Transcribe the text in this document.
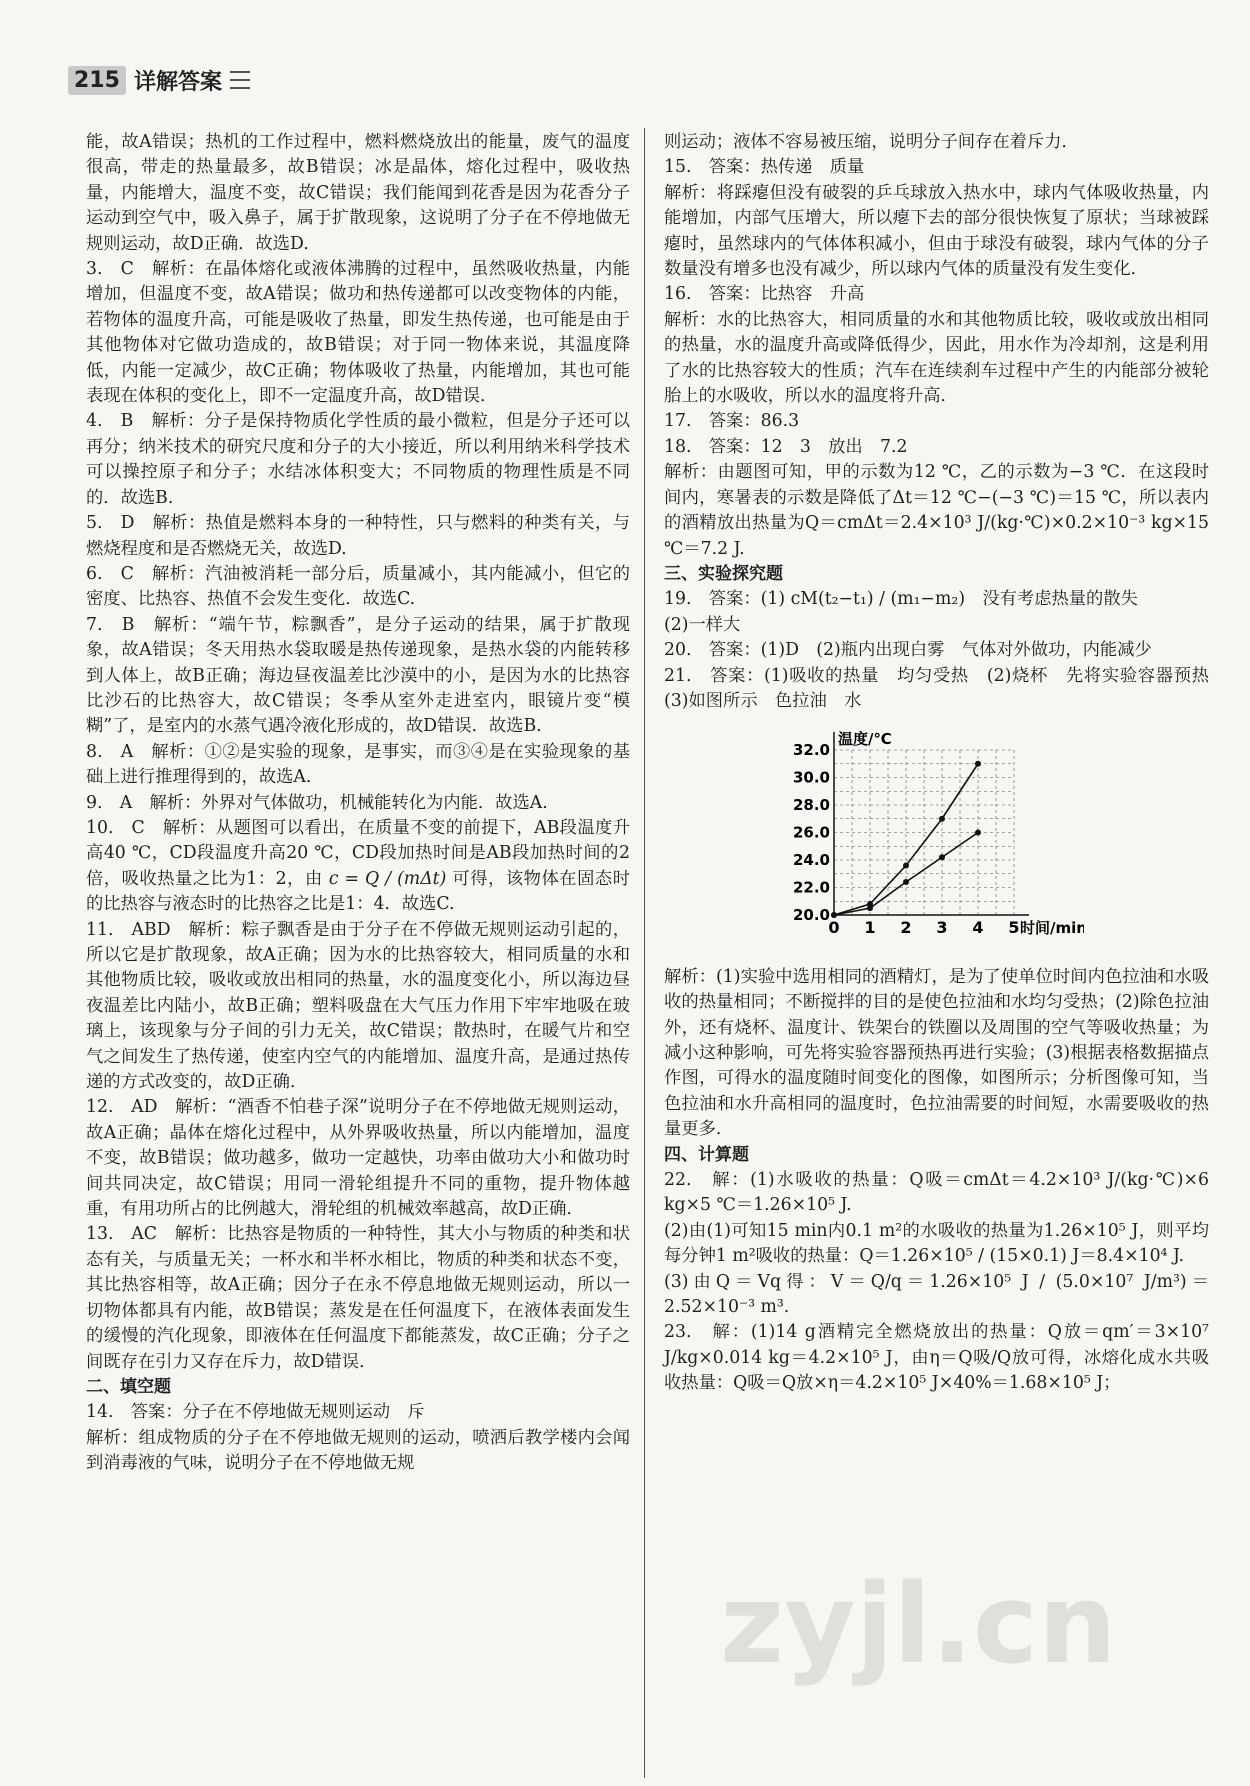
215 详解答案

能，故A错误；热机的工作过程中，燃料燃烧放出的能量，废气的温度很高，带走的热量最多，故B错误；冰是晶体，熔化过程中，吸收热量，内能增大，温度不变，故C错误；我们能闻到花香是因为花香分子运动到空气中，吸入鼻子，属于扩散现象，这说明了分子在不停地做无规则运动，故D正确．故选D.

3.　C　解析：在晶体熔化或液体沸腾的过程中，虽然吸收热量，内能增加，但温度不变，故A错误；做功和热传递都可以改变物体的内能，若物体的温度升高，可能是吸收了热量，即发生热传递，也可能是由于其他物体对它做功造成的，故B错误；对于同一物体来说，其温度降低，内能一定减少，故C正确；物体吸收了热量，内能增加，其也可能表现在体积的变化上，即不一定温度升高，故D错误．

4.　B　解析：分子是保持物质化学性质的最小微粒，但是分子还可以再分；纳米技术的研究尺度和分子的大小接近，所以利用纳米科学技术可以操控原子和分子；水结冰体积变大；不同物质的物理性质是不同的．故选B.

5.　D　解析：热值是燃料本身的一种特性，只与燃料的种类有关，与燃烧程度和是否燃烧无关，故选D.

6.　C　解析：汽油被消耗一部分后，质量减小，其内能减小，但它的密度、比热容、热值不会发生变化．故选C.

7.　B　解析：“端午节，粽飘香”，是分子运动的结果，属于扩散现象，故A错误；冬天用热水袋取暖是热传递现象，是热水袋的内能转移到人体上，故B正确；海边昼夜温差比沙漠中的小，是因为水的比热容比沙石的比热容大，故C错误；冬季从室外走进室内，眼镜片变“模糊”了，是室内的水蒸气遇冷液化形成的，故D错误．故选B.

8.　A　解析：①②是实验的现象，是事实，而③④是在实验现象的基础上进行推理得到的，故选A.

9.　A　解析：外界对气体做功，机械能转化为内能．故选A.

10.　C　解析：从题图可以看出，在质量不变的前提下，AB段温度升高40 ℃，CD段温度升高20 ℃，CD段加热时间是AB段加热时间的2倍，吸收热量之比为1：2，由 c = Q / (mΔt) 可得，该物体在固态时的比热容与液态时的比热容之比是1：4．故选C.

11.　ABD　解析：粽子飘香是由于分子在不停做无规则运动引起的，所以它是扩散现象，故A正确；因为水的比热容较大，相同质量的水和其他物质比较，吸收或放出相同的热量，水的温度变化小，所以海边昼夜温差比内陆小，故B正确；塑料吸盘在大气压力作用下牢牢地吸在玻璃上，该现象与分子间的引力无关，故C错误；散热时，在暖气片和空气之间发生了热传递，使室内空气的内能增加、温度升高，是通过热传递的方式改变的，故D正确．

12.　AD　解析：“酒香不怕巷子深”说明分子在不停地做无规则运动，故A正确；晶体在熔化过程中，从外界吸收热量，所以内能增加，温度不变，故B错误；做功越多，做功一定越快，功率由做功大小和做功时间共同决定，故C错误；用同一滑轮组提升不同的重物，提升物体越重，有用功所占的比例越大，滑轮组的机械效率越高，故D正确．

13.　AC　解析：比热容是物质的一种特性，其大小与物质的种类和状态有关，与质量无关；一杯水和半杯水相比，物质的种类和状态不变，其比热容相等，故A正确；因分子在永不停息地做无规则运动，所以一切物体都具有内能，故B错误；蒸发是在任何温度下，在液体表面发生的缓慢的汽化现象，即液体在任何温度下都能蒸发，故C正确；分子之间既存在引力又存在斥力，故D错误．

二、填空题

14.　答案：分子在不停地做无规则运动　斥

解析：组成物质的分子在不停地做无规则的运动，喷洒后教学楼内会闻到消毒液的气味，说明分子在不停地做无规

则运动；液体不容易被压缩，说明分子间存在着斥力．

15.　答案：热传递　质量

解析：将踩瘪但没有破裂的乒乓球放入热水中，球内气体吸收热量，内能增加，内部气压增大，所以瘪下去的部分很快恢复了原状；当球被踩瘪时，虽然球内的气体体积减小，但由于球没有破裂，球内气体的分子数量没有增多也没有减少，所以球内气体的质量没有发生变化．

16.　答案：比热容　升高

解析：水的比热容大，相同质量的水和其他物质比较，吸收或放出相同的热量，水的温度升高或降低得少，因此，用水作为冷却剂，这是利用了水的比热容较大的性质；汽车在连续刹车过程中产生的内能部分被轮胎上的水吸收，所以水的温度将升高．

17.　答案：86.3

18.　答案：12　3　放出　7.2

解析：由题图可知，甲的示数为12 ℃，乙的示数为−3 ℃．在这段时间内，寒暑表的示数是降低了Δt＝12 ℃−(−3 ℃)＝15 ℃，所以表内的酒精放出热量为Q＝cmΔt＝2.4×10³ J/(kg·℃)×0.2×10⁻³ kg×15 ℃＝7.2 J.

三、实验探究题

19.　答案：(1) cM(t₂−t₁) / (m₁−m₂)　没有考虑热量的散失

(2)一样大

20.　答案：(1)D　(2)瓶内出现白雾　气体对外做功，内能减少

21.　答案：(1)吸收的热量　均匀受热　(2)烧杯　先将实验容器预热　(3)如图所示　色拉油　水

0 1 2 3 4 5
20.0
22.0
24.0
26.0
28.0
30.0
32.0
时间/min
温度/℃

解析：(1)实验中选用相同的酒精灯，是为了使单位时间内色拉油和水吸收的热量相同；不断搅拌的目的是使色拉油和水均匀受热；(2)除色拉油外，还有烧杯、温度计、铁架台的铁圈以及周围的空气等吸收热量；为减小这种影响，可先将实验容器预热再进行实验；(3)根据表格数据描点作图，可得水的温度随时间变化的图像，如图所示；分析图像可知，当色拉油和水升高相同的温度时，色拉油需要的时间短，水需要吸收的热量更多．

四、计算题

22.　解：(1)水吸收的热量：Q吸＝cmΔt＝4.2×10³ J/(kg·℃)×6 kg×5 ℃＝1.26×10⁵ J.

(2)由(1)可知15 min内0.1 m²的水吸收的热量为1.26×10⁵ J，则平均每分钟1 m²吸收的热量：Q＝1.26×10⁵ / (15×0.1) J＝8.4×10⁴ J.

(3)由Q＝Vq得：V＝Q/q＝1.26×10⁵ J / (5.0×10⁷ J/m³)＝2.52×10⁻³ m³.

23.　解：(1)14 g酒精完全燃烧放出的热量：Q放＝qm′＝3×10⁷ J/kg×0.014 kg＝4.2×10⁵ J，由η＝Q吸/Q放可得，冰熔化成水共吸收热量：Q吸＝Q放×η＝4.2×10⁵ J×40%＝1.68×10⁵ J；

zyjl.cn
